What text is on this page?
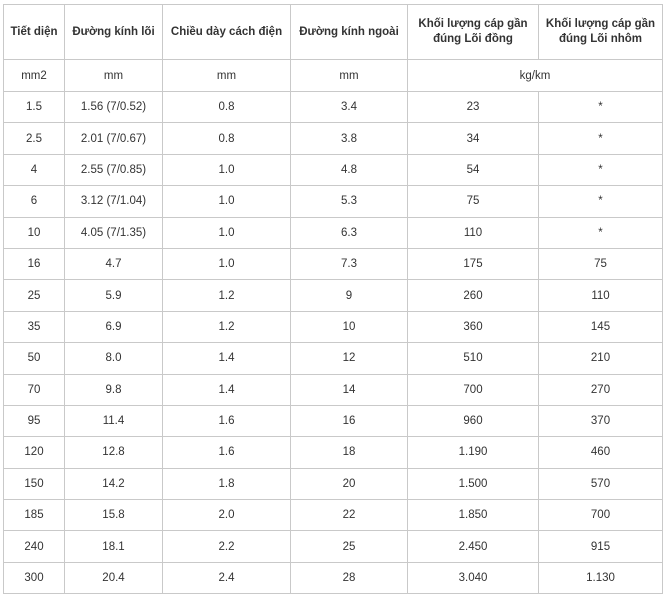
Tiết diện	Đường kính lõi	Chiều dày cách điện	Đường kính ngoài	Khối lượng cáp gần đúng Lõi đồng	Khối lượng cáp gần đúng Lõi nhôm
mm2	mm	mm	mm	kg/km	
1.5	1.56 (7/0.52)	0.8	3.4	23	*
2.5	2.01 (7/0.67)	0.8	3.8	34	*
4	2.55 (7/0.85)	1.0	4.8	54	*
6	3.12 (7/1.04)	1.0	5.3	75	*
10	4.05 (7/1.35)	1.0	6.3	110	*
16	4.7	1.0	7.3	175	75
25	5.9	1.2	9	260	110
35	6.9	1.2	10	360	145
50	8.0	1.4	12	510	210
70	9.8	1.4	14	700	270
95	11.4	1.6	16	960	370
120	12.8	1.6	18	1.190	460
150	14.2	1.8	20	1.500	570
185	15.8	2.0	22	1.850	700
240	18.1	2.2	25	2.450	915
300	20.4	2.4	28	3.040	1.130
